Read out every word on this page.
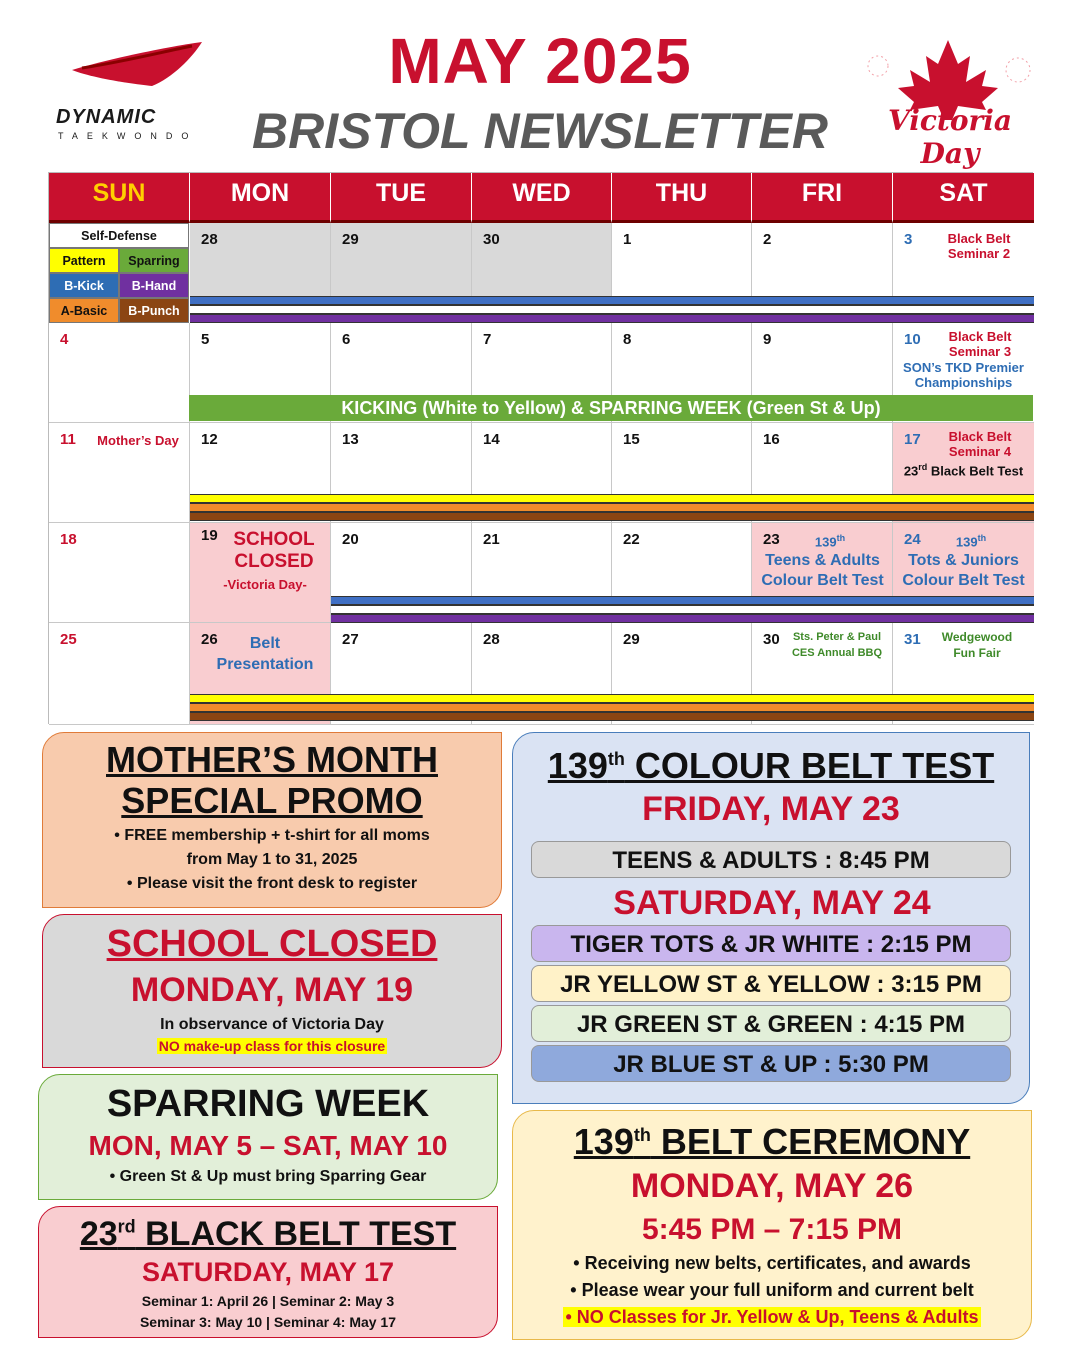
DYNAMIC
TAEKWONDO
MAY 2025
BRISTOL NEWSLETTER	Victoria Day
SUN	MON	TUE	WED	THU	FRI	SAT
Self-Defense
Pattern	Sparring
B-Kick	B-Hand
A-Basic	B-Punch
28	29	30	1	2	3	Black Belt
Seminar 2
4	5	6	7	8	9	10	Black Belt
Seminar 3
SON’s TKD Premier
Championships
KICKING (White to Yellow) & SPARRING WEEK (Green St & Up)
11	Mother’s Day	12	13	14	15	16	17	Black Belt
Seminar 4
23rd Black Belt Test
18	19 SCHOOL
CLOSED
-Victoria Day-
20	21	22	23	139th
Teens & Adults
Colour Belt Test
24	139th
Tots & Juniors
Colour Belt Test
25	26	Belt
Presentation
27	28	29	30	Sts. Peter & Paul
CES Annual BBQ
31	Wedgewood
Fun Fair
MOTHER’S MONTH
SPECIAL PROMO
• FREE membership + t-shirt for all moms
from May 1 to 31, 2025
• Please visit the front desk to register
SCHOOL CLOSED
MONDAY, MAY 19
In observance of Victoria Day
NO make-up class for this closure
SPARRING WEEK
MON, MAY 5 – SAT, MAY 10
• Green St & Up must bring Sparring Gear
23rd BLACK BELT TEST
SATURDAY, MAY 17
Seminar 1: April 26 | Seminar 2: May 3
Seminar 3: May 10 | Seminar 4: May 17
139th COLOUR BELT TEST
FRIDAY, MAY 23
TEENS & ADULTS : 8:45 PM
SATURDAY, MAY 24
TIGER TOTS & JR WHITE : 2:15 PM
JR YELLOW ST & YELLOW : 3:15 PM
JR GREEN ST & GREEN : 4:15 PM
JR BLUE ST & UP : 5:30 PM
139th BELT CEREMONY
MONDAY, MAY 26
5:45 PM – 7:15 PM
• Receiving new belts, certificates, and awards
• Please wear your full uniform and current belt
• NO Classes for Jr. Yellow & Up, Teens & Adults
